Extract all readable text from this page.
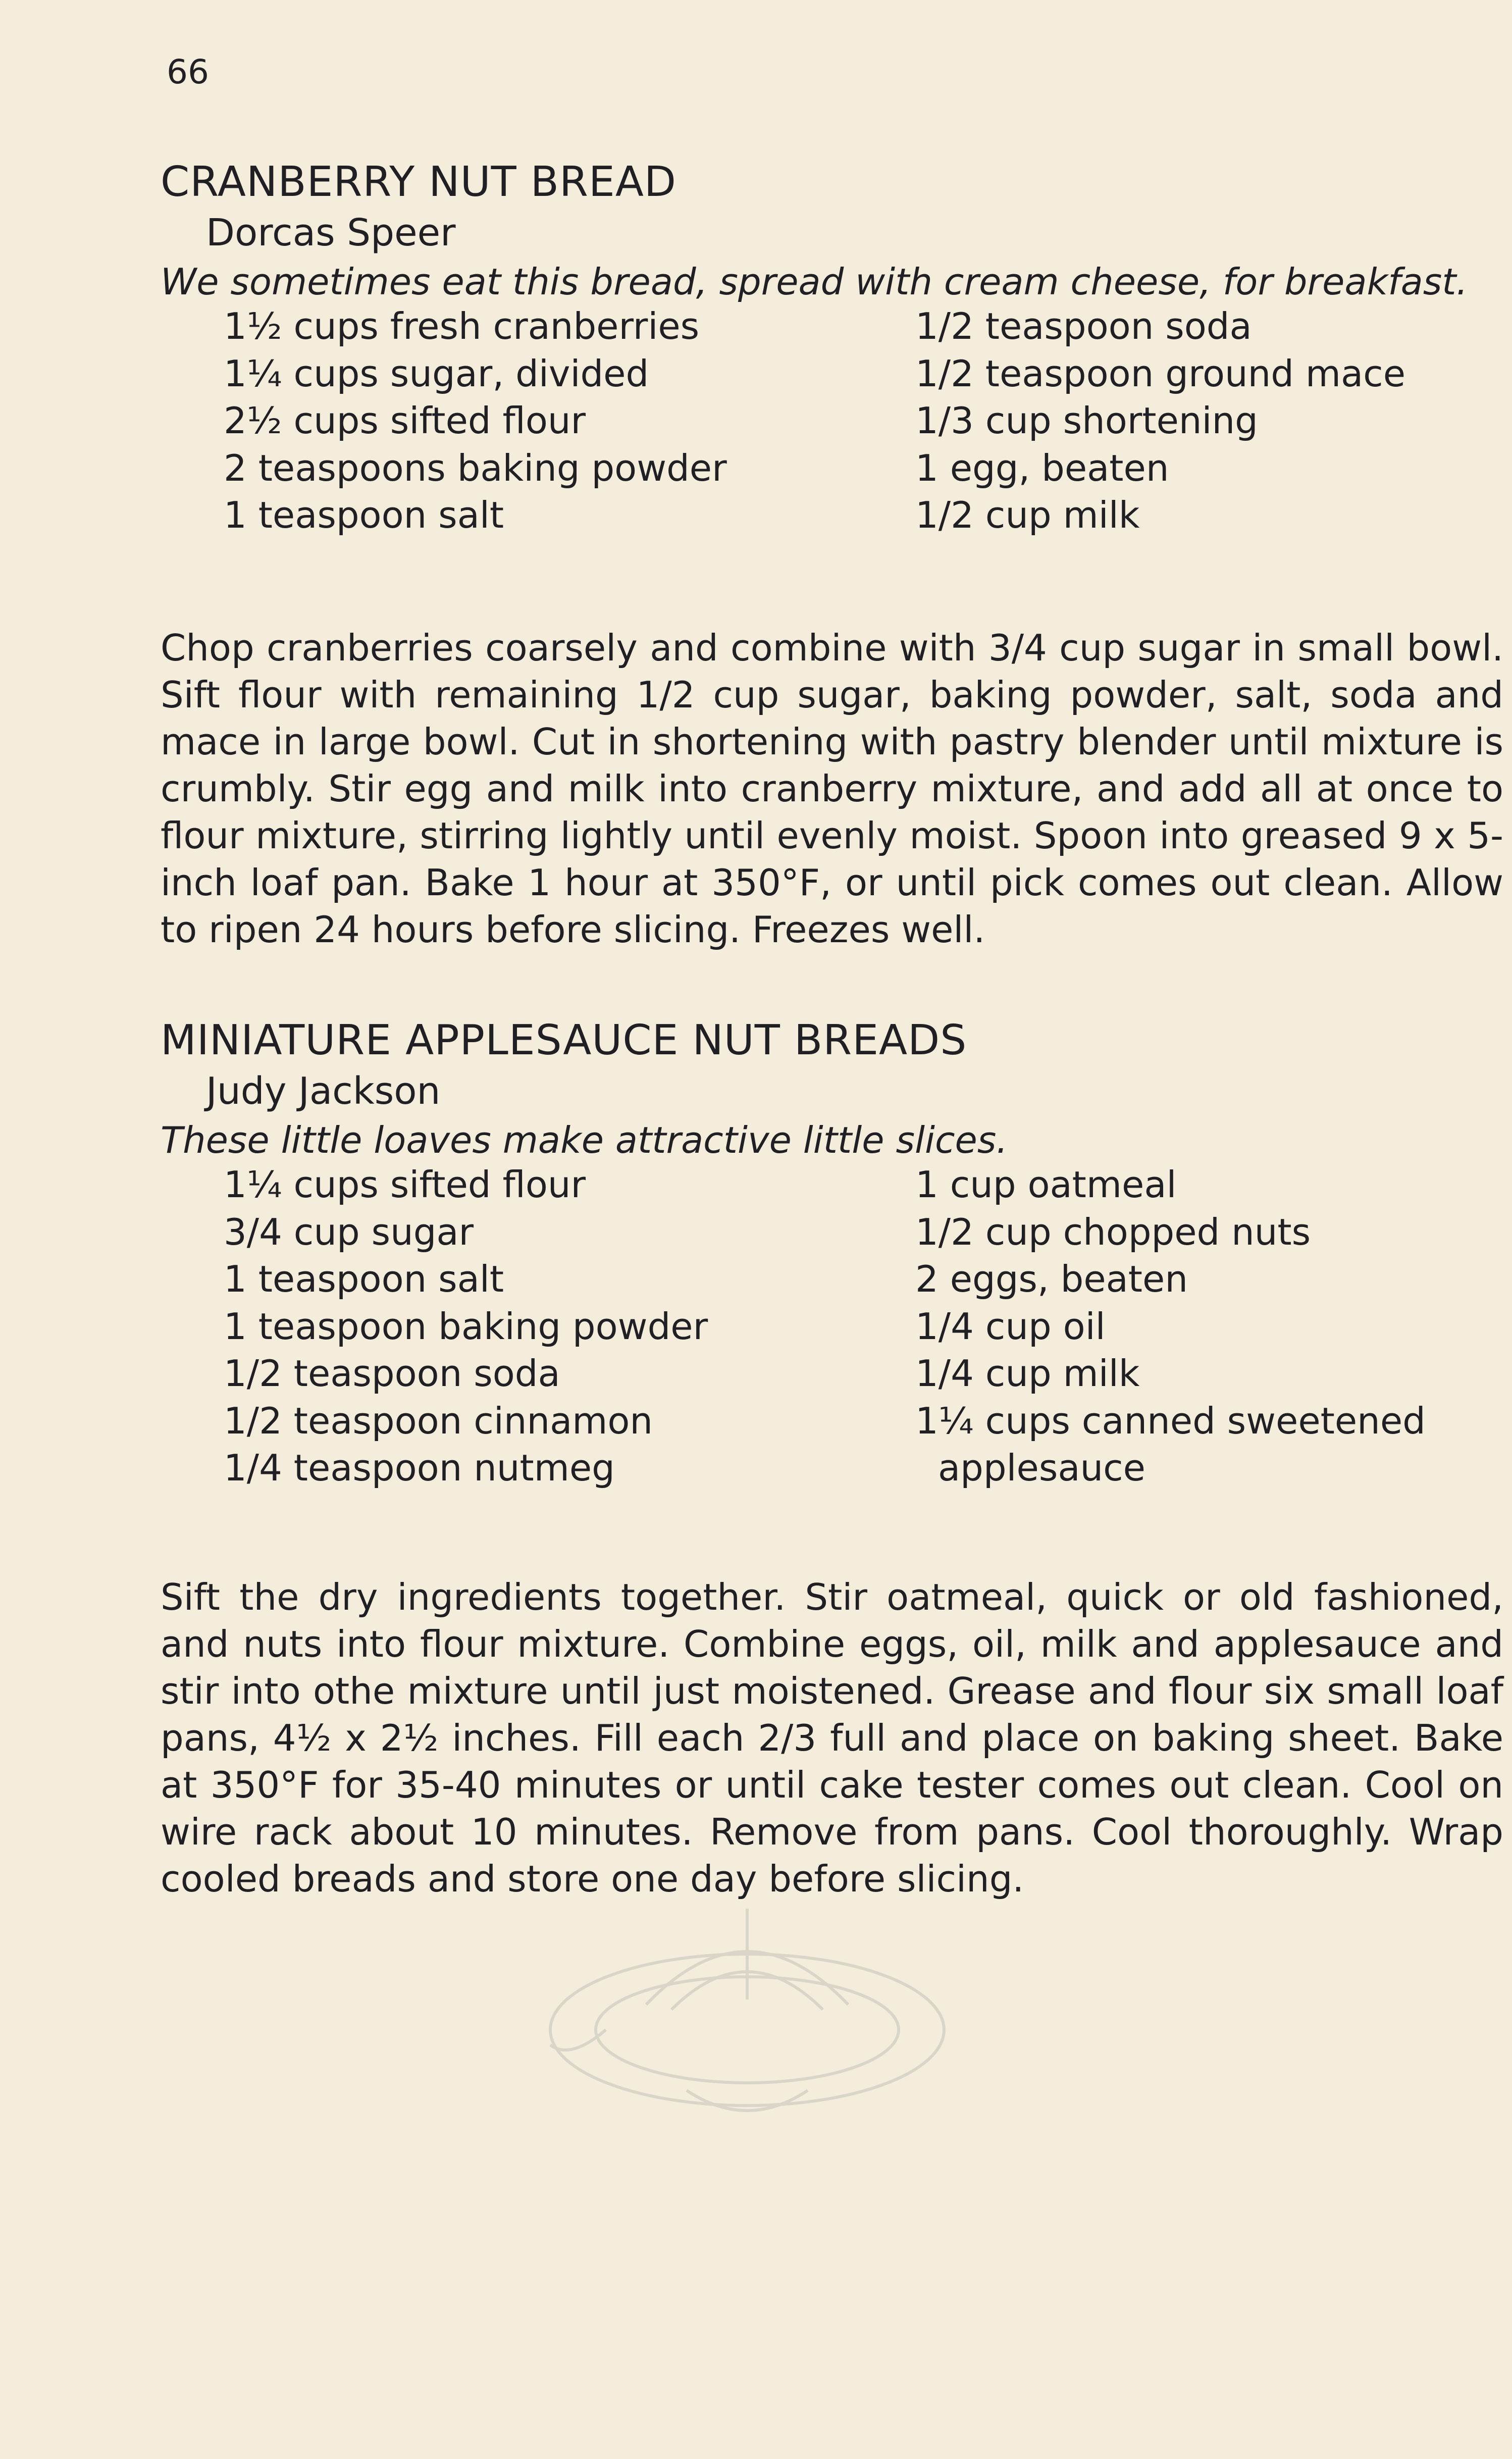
66
CRANBERRY NUT BREAD
Dorcas Speer
We sometimes eat this bread, spread with cream cheese, for breakfast.
1½ cups fresh cranberries
1¼ cups sugar, divided
2½ cups sifted flour
2 teaspoons baking powder
1 teaspoon salt
1/2 teaspoon soda
1/2 teaspoon ground mace
1/3 cup shortening
1 egg, beaten
1/2 cup milk

Chop cranberries coarsely and combine with 3/4 cup sugar in small bowl. Sift flour with remaining 1/2 cup sugar, baking powder, salt, soda and mace in large bowl. Cut in shortening with pastry blender until mixture is crumbly. Stir egg and milk into cranberry mixture, and add all at once to flour mixture, stirring lightly until evenly moist. Spoon into greased 9 x 5-inch loaf pan. Bake 1 hour at 350°F, or until pick comes out clean. Allow to ripen 24 hours before slicing. Freezes well.

MINIATURE APPLESAUCE NUT BREADS
Judy Jackson
These little loaves make attractive little slices.
1¼ cups sifted flour
3/4 cup sugar
1 teaspoon salt
1 teaspoon baking powder
1/2 teaspoon soda
1/2 teaspoon cinnamon
1/4 teaspoon nutmeg
1 cup oatmeal
1/2 cup chopped nuts
2 eggs, beaten
1/4 cup oil
1/4 cup milk
1¼ cups canned sweetened
applesauce

Sift the dry ingredients together. Stir oatmeal, quick or old fashioned, and nuts into flour mixture. Combine eggs, oil, milk and applesauce and stir into othe mixture until just moistened. Grease and flour six small loaf pans, 4½ x 2½ inches. Fill each 2/3 full and place on baking sheet. Bake at 350°F for 35-40 minutes or until cake tester comes out clean. Cool on wire rack about 10 minutes. Remove from pans. Cool thoroughly. Wrap cooled breads and store one day before slicing.
